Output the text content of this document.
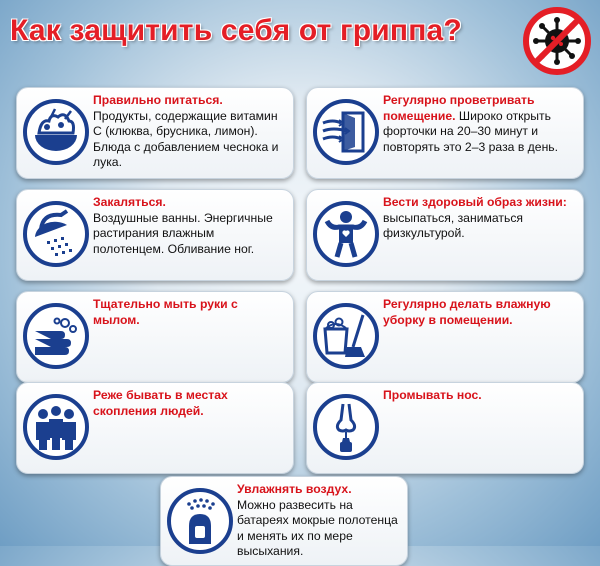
Как защитить себя от гриппа?
Правильно питаться.
Продукты, содержащие витамин С (клюква, брусника, лимон). Блюда с добавлением чеснока и лука.
Регулярно проветривать помещение. Широко открыть форточки на 20–30 минут и повторять это 2–3 раза в день.
Закаляться.
Воздушные ванны. Энергичные растирания влажным полотенцем. Обливание ног.
Вести здоровый образ жизни:
высыпаться, заниматься физкультурой.
Тщательно мыть руки с мылом.
Регулярно делать влажную уборку в помещении.
Реже бывать в местах скопления людей.
Промывать нос.
Увлажнять воздух.
Можно развесить на батареях мокрые полотенца и менять их по мере высыхания.
